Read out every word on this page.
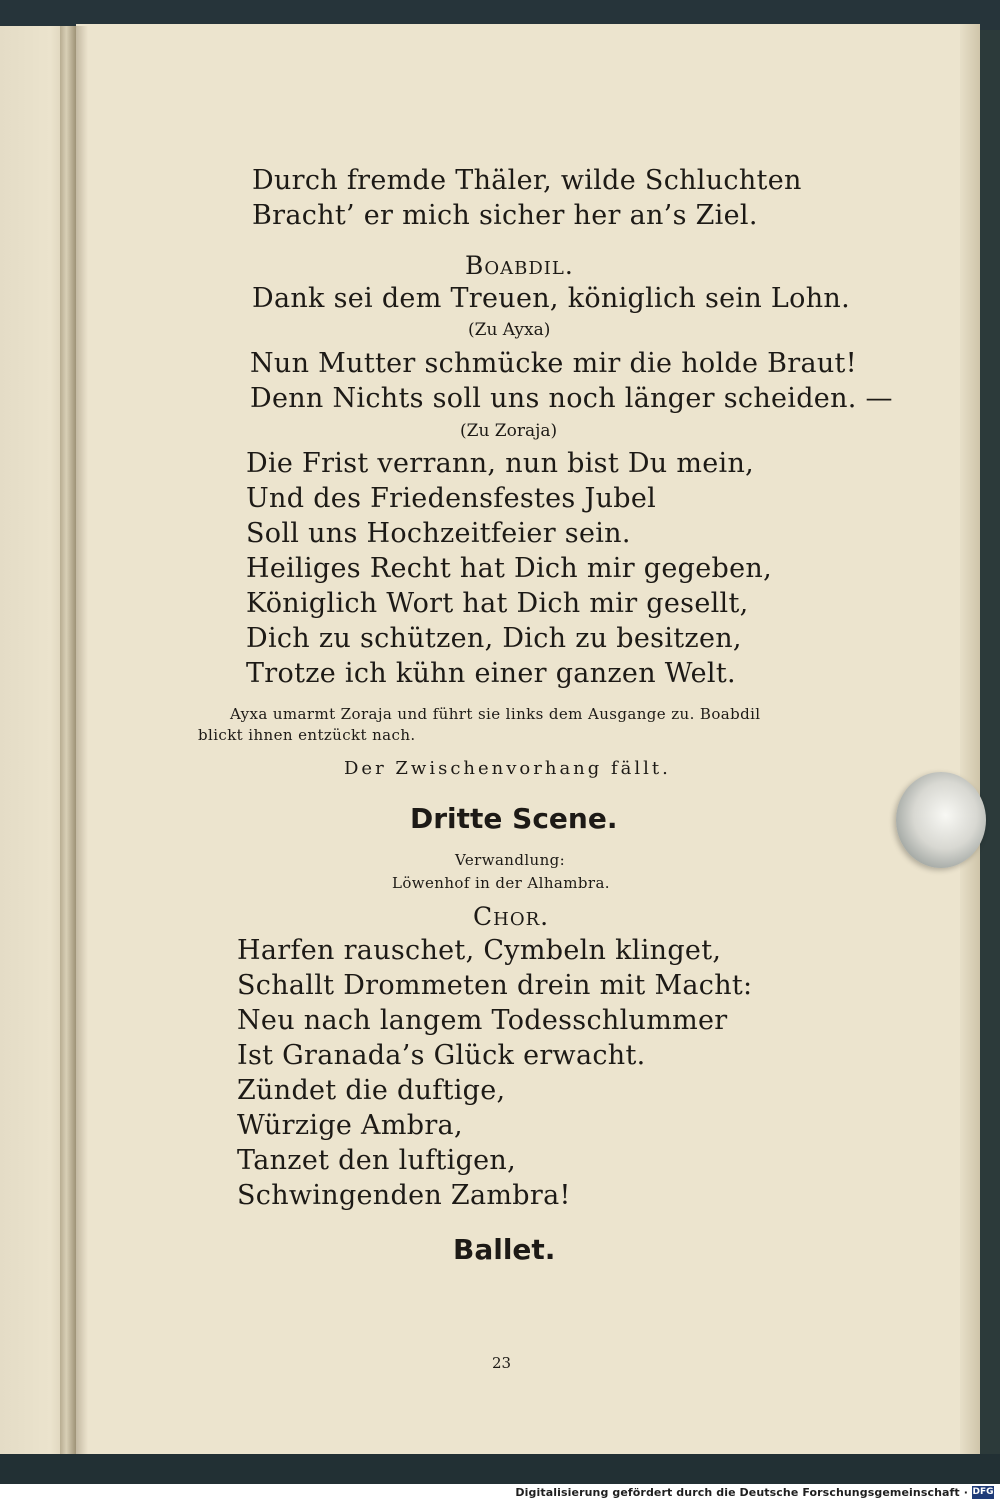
Durch fremde Thäler, wilde Schluchten
Bracht’ er mich sicher her an’s Ziel.
Boabdil.
Dank sei dem Treuen, königlich sein Lohn.
(Zu Ayxa)
Nun Mutter schmücke mir die holde Braut!
Denn Nichts soll uns noch länger scheiden. —
(Zu Zoraja)
Die Frist verrann, nun bist Du mein,
Und des Friedensfestes Jubel
Soll uns Hochzeitfeier sein.
Heiliges Recht hat Dich mir gegeben,
Königlich Wort hat Dich mir gesellt,
Dich zu schützen, Dich zu besitzen,
Trotze ich kühn einer ganzen Welt.
Ayxa umarmt Zoraja und führt sie links dem Ausgange zu. Boabdil
blickt ihnen entzückt nach.
Der Zwischenvorhang fällt.
Dritte Scene.
Verwandlung:
Löwenhof in der Alhambra.
Chor.
Harfen rauschet, Cymbeln klinget,
Schallt Drommeten drein mit Macht:
Neu nach langem Todesschlummer
Ist Granada’s Glück erwacht.
Zündet die duftige,
Würzige Ambra,
Tanzet den luftigen,
Schwingenden Zambra!
Ballet.
23
Digitalisierung gefördert durch die Deutsche Forschungsgemeinschaft · DFG
